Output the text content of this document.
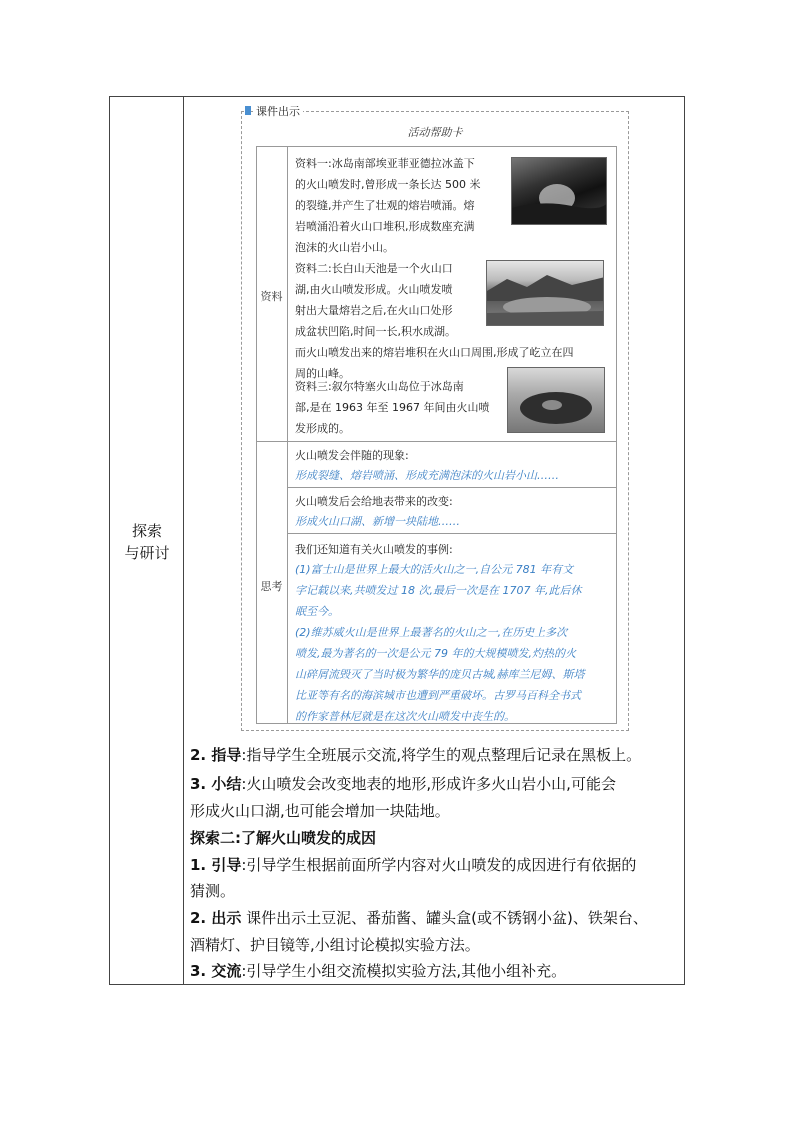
探索
与研讨
课件出示
活动帮助卡
资料
思考
资料一:冰岛南部埃亚菲亚德拉冰盖下
的火山喷发时,曾形成一条长达 500 米
的裂缝,并产生了壮观的熔岩喷涌。熔
岩喷涌沿着火山口堆积,形成数座充满
泡沫的火山岩小山。
资料二:长白山天池是一个火山口
湖,由火山喷发形成。火山喷发喷
射出大量熔岩之后,在火山口处形
成盆状凹陷,时间一长,积水成湖。
而火山喷发出来的熔岩堆积在火山口周围,形成了屹立在四
周的山峰。
资料三:叙尔特塞火山岛位于冰岛南
部,是在 1963 年至 1967 年间由火山喷
发形成的。
火山喷发会伴随的现象:
形成裂缝、熔岩喷涌、形成充满泡沫的火山岩小山……
火山喷发后会给地表带来的改变:
形成火山口湖、新增一块陆地……
我们还知道有关火山喷发的事例:
(1)富士山是世界上最大的活火山之一,自公元 781 年有文
字记载以来,共喷发过 18 次,最后一次是在 1707 年,此后休
眠至今。
(2)维苏威火山是世界上最著名的火山之一,在历史上多次
喷发,最为著名的一次是公元 79 年的大规模喷发,灼热的火
山碎屑流毁灭了当时极为繁华的庞贝古城,赫库兰尼姆、斯塔
比亚等有名的海滨城市也遭到严重破坏。古罗马百科全书式
的作家普林尼就是在这次火山喷发中丧生的。
2. 指导:指导学生全班展示交流,将学生的观点整理后记录在黑板上。
3. 小结:火山喷发会改变地表的地形,形成许多火山岩小山,可能会
形成火山口湖,也可能会增加一块陆地。
探索二:了解火山喷发的成因
1. 引导:引导学生根据前面所学内容对火山喷发的成因进行有依据的
猜测。
2. 出示 课件出示土豆泥、番茄酱、罐头盒(或不锈钢小盆)、铁架台、
酒精灯、护目镜等,小组讨论模拟实验方法。
3. 交流:引导学生小组交流模拟实验方法,其他小组补充。
